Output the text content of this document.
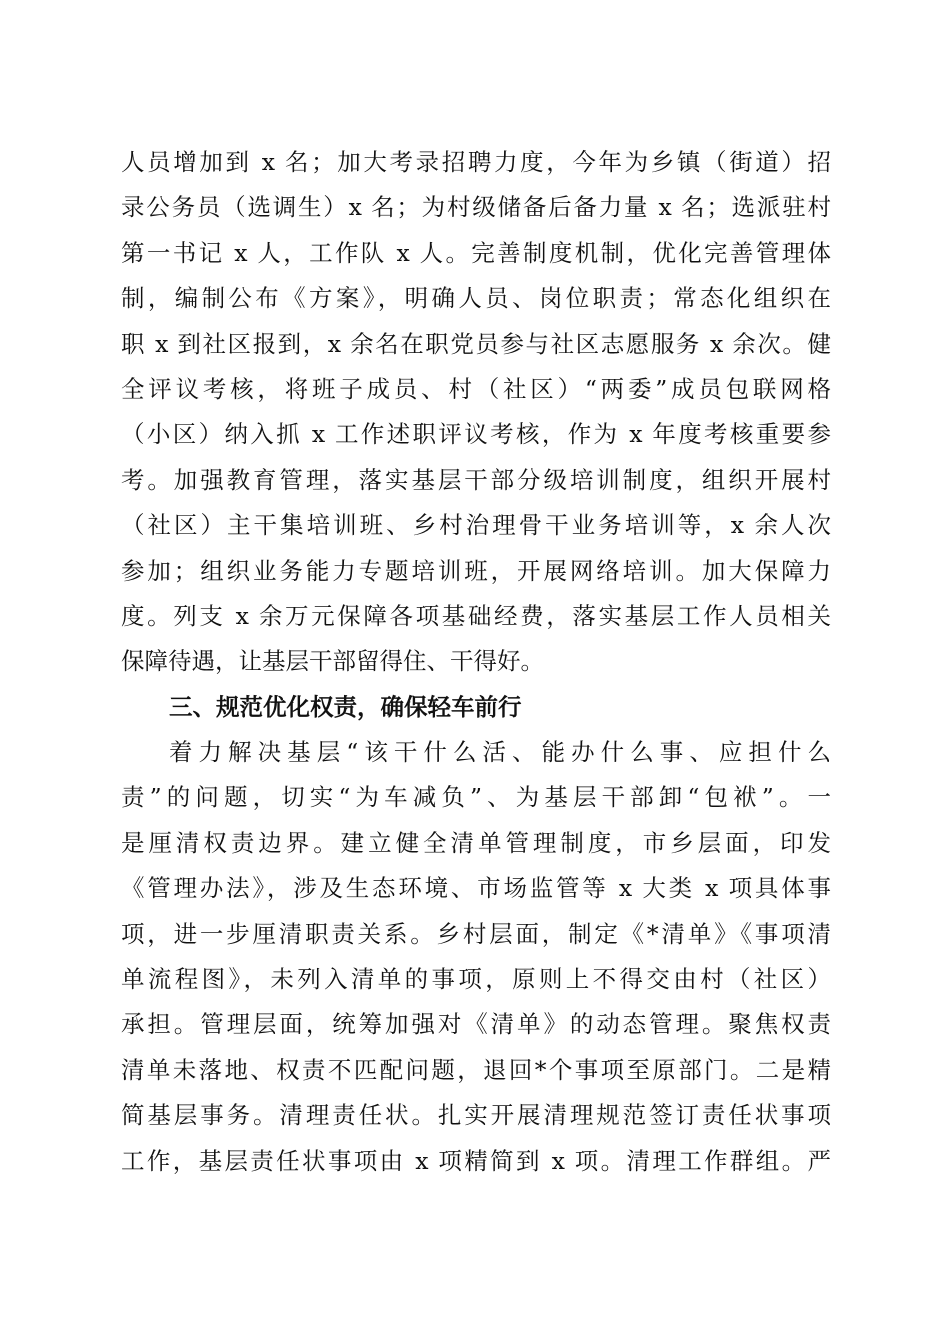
人员增加到 x 名；加大考录招聘力度，今年为乡镇（街道）招
录公务员（选调生）x 名；为村级储备后备力量 x 名；选派驻村
第一书记 x 人，工作队 x 人。完善制度机制，优化完善管理体
制，编制公布《方案》，明确人员、岗位职责；常态化组织在
职 x 到社区报到，x 余名在职党员参与社区志愿服务 x 余次。健
全评议考核，将班子成员、村（社区）“两委”成员包联网格
（小区）纳入抓 x 工作述职评议考核，作为 x 年度考核重要参
考。加强教育管理，落实基层干部分级培训制度，组织开展村
（社区）主干集培训班、乡村治理骨干业务培训等，x 余人次
参加；组织业务能力专题培训班，开展网络培训。加大保障力
度。列支 x 余万元保障各项基础经费，落实基层工作人员相关
保障待遇，让基层干部留得住、干得好。
三、规范优化权责，确保轻车前行
着力解决基层“该干什么活、能办什么事、应担什么
责”的问题，切实“为车减负”、为基层干部卸“包袱”。一
是厘清权责边界。建立健全清单管理制度，市乡层面，印发
《管理办法》，涉及生态环境、市场监管等 x 大类 x 项具体事
项，进一步厘清职责关系。乡村层面，制定《*清单》《事项清
单流程图》，未列入清单的事项，原则上不得交由村（社区）
承担。管理层面，统筹加强对《清单》的动态管理。聚焦权责
清单未落地、权责不匹配问题，退回*个事项至原部门。二是精
简基层事务。清理责任状。扎实开展清理规范签订责任状事项
工作，基层责任状事项由 x 项精简到 x 项。清理工作群组。严
